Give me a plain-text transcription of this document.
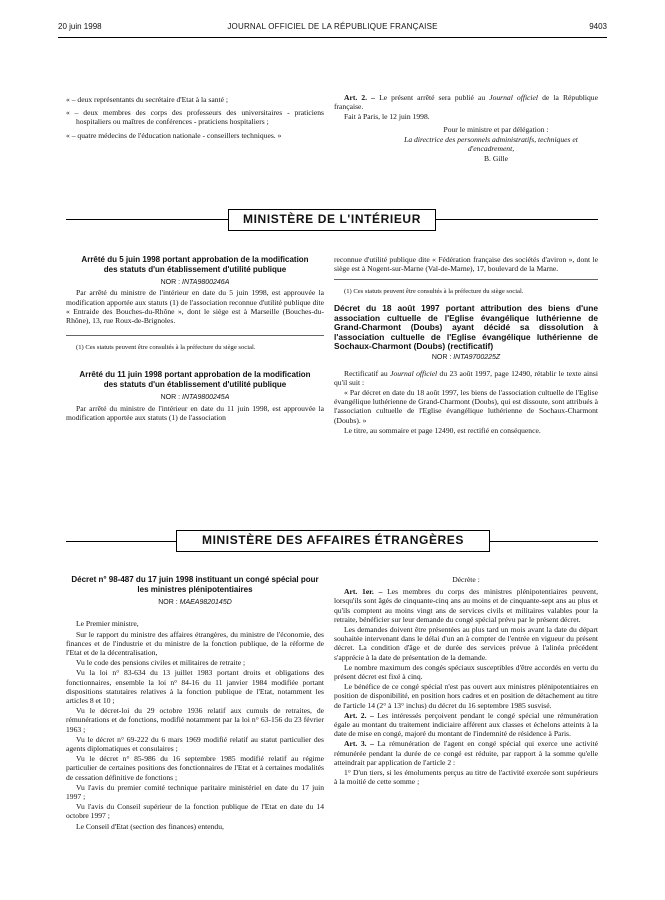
20 juin 1998	JOURNAL OFFICIEL DE LA RÉPUBLIQUE FRANÇAISE	9403

« – deux représentants du secrétaire d'Etat à la santé ;

« – deux membres des corps des professeurs des universitaires - praticiens hospitaliers ou maîtres de conférences - praticiens hospitaliers ;

« – quatre médecins de l'éducation nationale - conseillers techniques. »

Art. 2. – Le présent arrêté sera publié au Journal officiel de la République française.

Fait à Paris, le 12 juin 1998.

Pour le ministre et par délégation :

La directrice des personnels administratifs, techniques et d'encadrement,

B. Gille

MINISTÈRE DE L'INTÉRIEUR

Arrêté du 5 juin 1998 portant approbation de la modification des statuts d'un établissement d'utilité publique

NOR : INTA9800246A

Par arrêté du ministre de l'intérieur en date du 5 juin 1998, est approuvée la modification apportée aux statuts (1) de l'association reconnue d'utilité publique dite « Entraide des Bouches-du-Rhône », dont le siège est à Marseille (Bouches-du-Rhône), 13, rue Roux-de-Brignoles.

(1) Ces statuts peuvent être consultés à la préfecture du siège social.

Arrêté du 11 juin 1998 portant approbation de la modification des statuts d'un établissement d'utilité publique

NOR : INTA9800245A

Par arrêté du ministre de l'intérieur en date du 11 juin 1998, est approuvée la modification apportée aux statuts (1) de l'association

reconnue d'utilité publique dite « Fédération française des sociétés d'aviron », dont le siège est à Nogent-sur-Marne (Val-de-Marne), 17, boulevard de la Marne.

(1) Ces statuts peuvent être consultés à la préfecture du siège social.

Décret du 18 août 1997 portant attribution des biens d'une association cultuelle de l'Eglise évangélique luthérienne de Grand-Charmont (Doubs) ayant décidé sa dissolution à l'association cultuelle de l'Eglise évangélique luthérienne de Sochaux-Charmont (Doubs) (rectificatif)

NOR : INTA9700225Z

Rectificatif au Journal officiel du 23 août 1997, page 12490, rétablir le texte ainsi qu'il suit :

« Par décret en date du 18 août 1997, les biens de l'association cultuelle de l'Eglise évangélique luthérienne de Grand-Charmont (Doubs), qui est dissoute, sont attribués à l'association cultuelle de l'Eglise évangélique luthérienne de Sochaux-Charmont (Doubs). »

Le titre, au sommaire et page 12490, est rectifié en conséquence.

MINISTÈRE DES AFFAIRES ÉTRANGÈRES

Décret n° 98-487 du 17 juin 1998 instituant un congé spécial pour les ministres plénipotentiaires

NOR : MAEA9820145D

Le Premier ministre,

Sur le rapport du ministre des affaires étrangères, du ministre de l'économie, des finances et de l'industrie et du ministre de la fonction publique, de la réforme de l'Etat et de la décentralisation,

Vu le code des pensions civiles et militaires de retraite ;

Vu la loi n° 83-634 du 13 juillet 1983 portant droits et obligations des fonctionnaires, ensemble la loi n° 84-16 du 11 janvier 1984 modifiée portant dispositions statutaires relatives à la fonction publique de l'Etat, notamment les articles 8 et 10 ;

Vu le décret-loi du 29 octobre 1936 relatif aux cumuls de retraites, de rémunérations et de fonctions, modifié notamment par la loi n° 63-156 du 23 février 1963 ;

Vu le décret n° 69-222 du 6 mars 1969 modifié relatif au statut particulier des agents diplomatiques et consulaires ;

Vu le décret n° 85-986 du 16 septembre 1985 modifié relatif au régime particulier de certaines positions des fonctionnaires de l'Etat et à certaines modalités de cessation définitive de fonctions ;

Vu l'avis du premier comité technique paritaire ministériel en date du 17 juin 1997 ;

Vu l'avis du Conseil supérieur de la fonction publique de l'Etat en date du 14 octobre 1997 ;

Le Conseil d'Etat (section des finances) entendu,

Décrète :

Art. 1er. – Les membres du corps des ministres plénipotentiaires peuvent, lorsqu'ils sont âgés de cinquante-cinq ans au moins et de cinquante-sept ans au plus et qu'ils comptent au moins vingt ans de services civils et militaires valables pour la retraite, bénéficier sur leur demande du congé spécial prévu par le présent décret.

Les demandes doivent être présentées au plus tard un mois avant la date du départ souhaitée intervenant dans le délai d'un an à compter de l'entrée en vigueur du présent décret. La condition d'âge et de durée des services prévue à l'alinéa précédent s'apprécie à la date de présentation de la demande.

Le nombre maximum des congés spéciaux susceptibles d'être accordés en vertu du présent décret est fixé à cinq.

Le bénéfice de ce congé spécial n'est pas ouvert aux ministres plénipotentiaires en position de disponibilité, en position hors cadres et en position de détachement au titre de l'article 14 (2° à 13° inclus) du décret du 16 septembre 1985 susvisé.

Art. 2. – Les intéressés perçoivent pendant le congé spécial une rémunération égale au montant du traitement indiciaire afférent aux classes et échelons atteints à la date de mise en congé, majoré du montant de l'indemnité de résidence à Paris.

Art. 3. – La rémunération de l'agent en congé spécial qui exerce une activité rémunérée pendant la durée de ce congé est réduite, par rapport à la somme qu'elle atteindrait par application de l'article 2 :

1° D'un tiers, si les émoluments perçus au titre de l'activité exercée sont supérieurs à la moitié de cette somme ;
